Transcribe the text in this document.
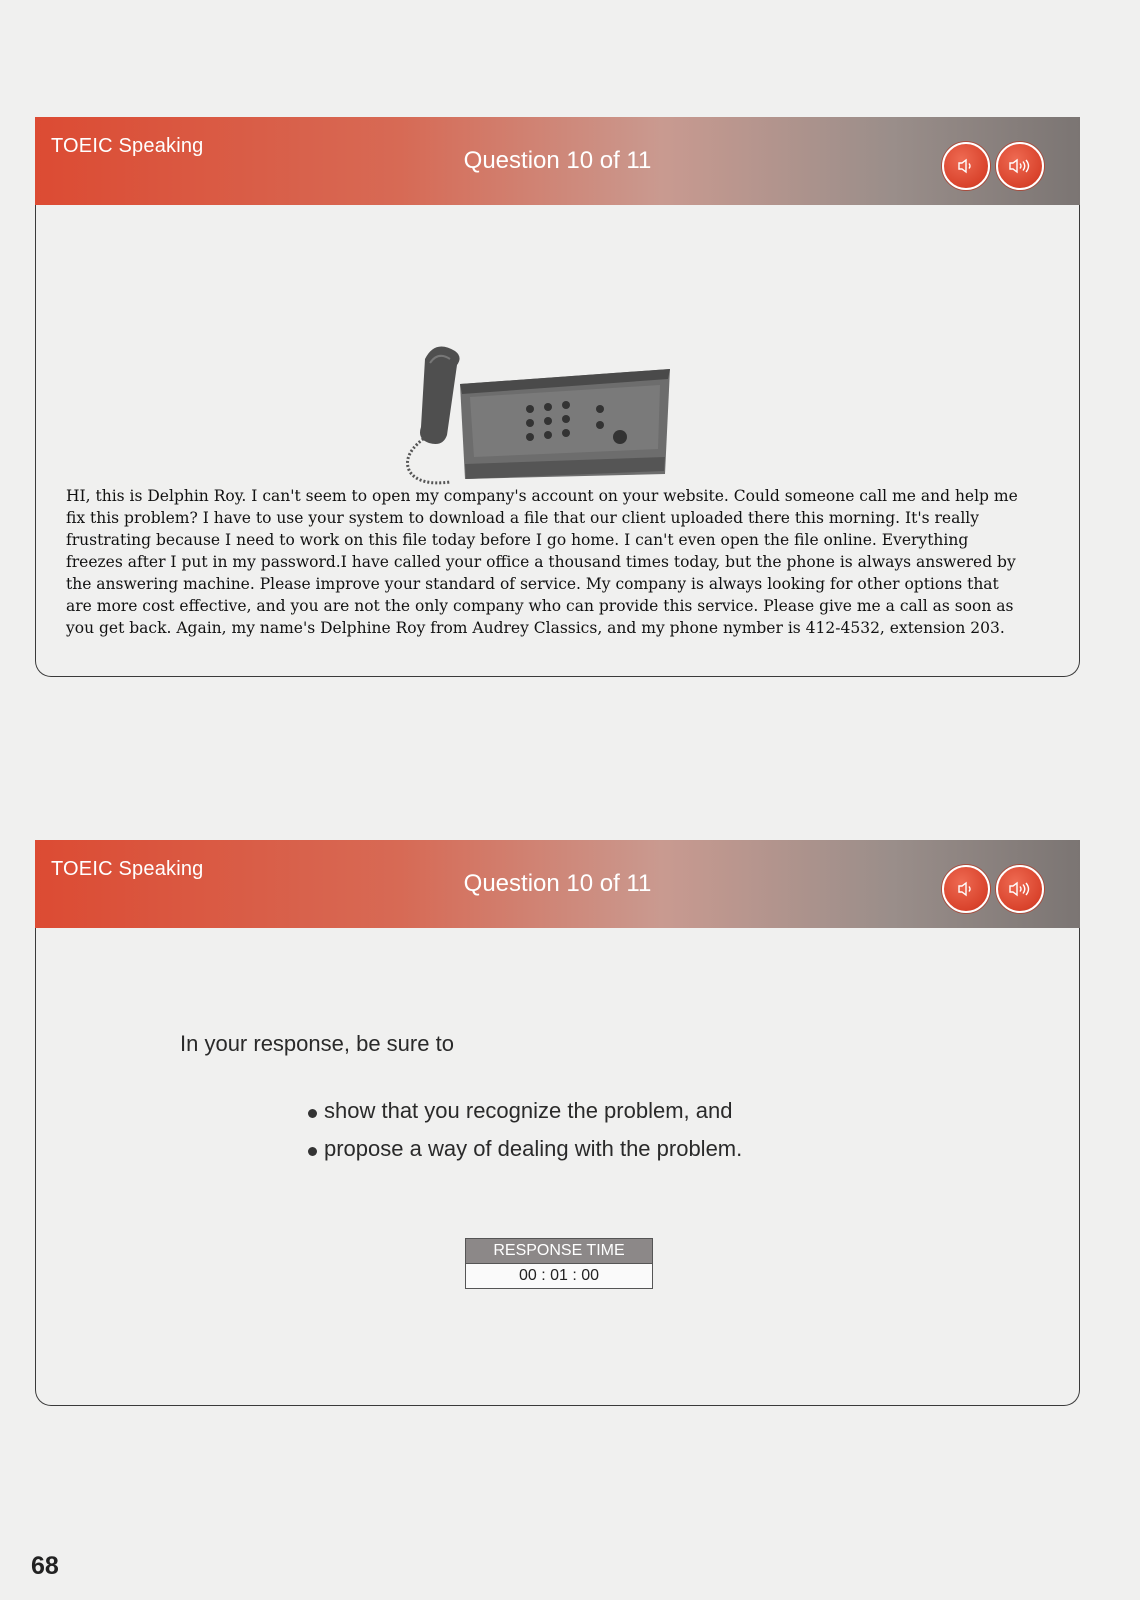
TOEIC Speaking
Question 10 of 11
HI, this is Delphin Roy. I can't seem to open my company's account on your website. Could someone call me and help me fix this problem? I have to use your system to download a file that our client uploaded there this morning. It's really frustrating because I need to work on this file today before I go home. I can't even open the file online. Everything freezes after I put in my password.I have called your office a thousand times today, but the phone is always answered by the answering machine. Please improve your standard of service. My company is always looking for other options that are more cost effective, and you are not the only company who can provide this service. Please give me a call as soon as you get back. Again, my name's Delphine Roy from Audrey Classics, and my phone nymber is 412-4532, extension 203.
TOEIC Speaking
Question 10 of 11
In your response, be sure to
show that you recognize the problem, and
propose a way of dealing with the problem.
RESPONSE TIME
00 : 01 : 00
68
